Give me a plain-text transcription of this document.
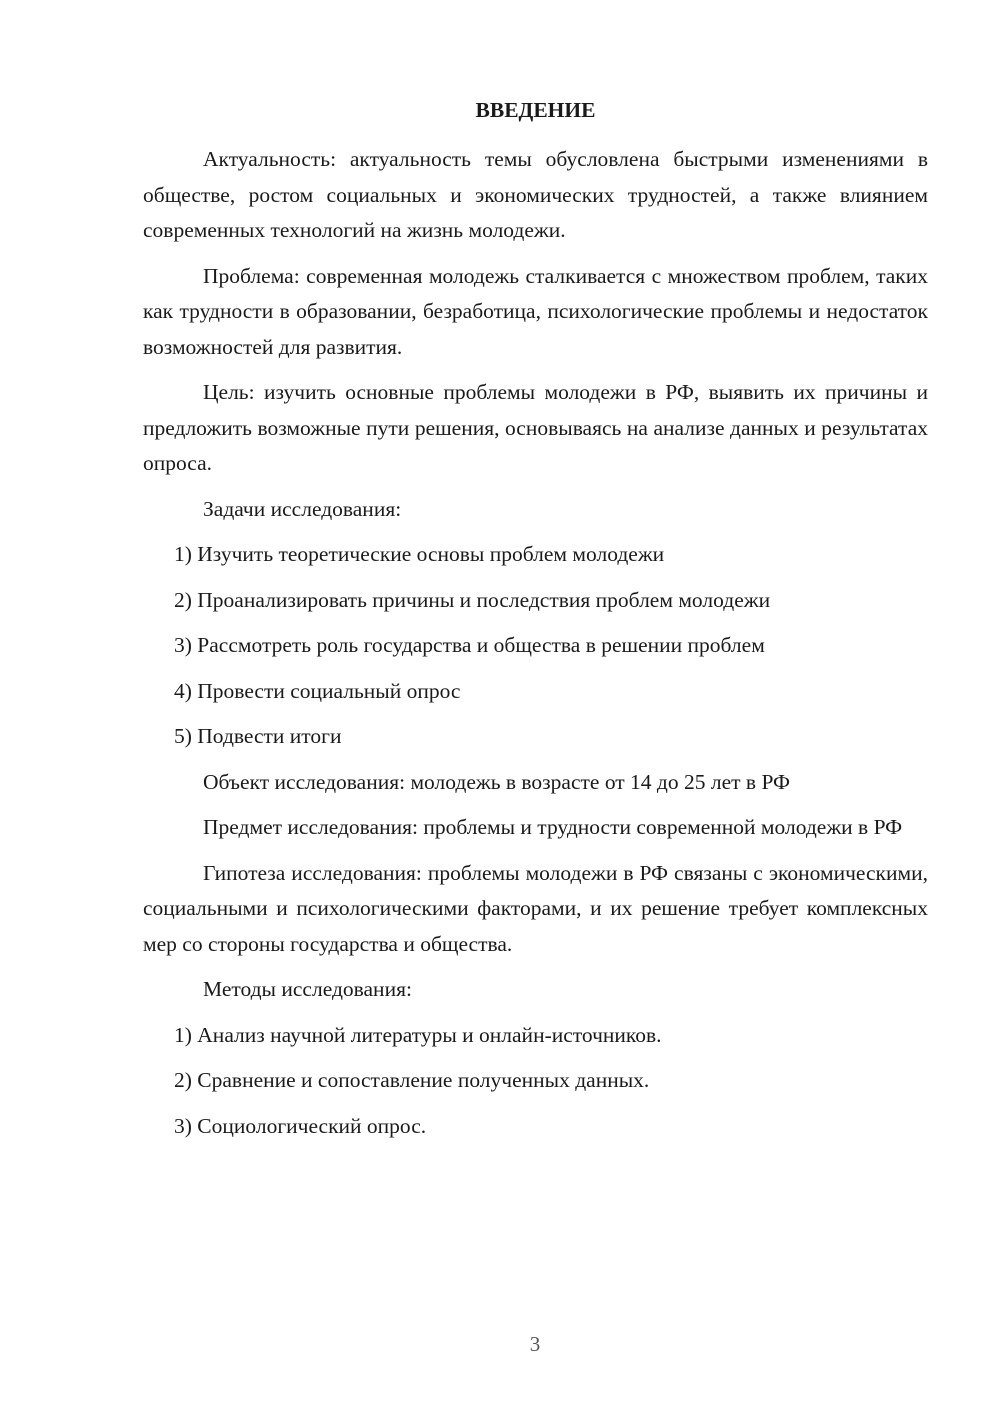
ВВЕДЕНИЕ

Актуальность: актуальность темы обусловлена быстрыми изменениями в обществе, ростом социальных и экономических трудностей, а также влиянием современных технологий на жизнь молодежи.

Проблема: современная молодежь сталкивается с множеством проблем, таких как трудности в образовании, безработица, психологические проблемы и недостаток возможностей для развития.

Цель: изучить основные проблемы молодежи в РФ, выявить их причины и предложить возможные пути решения, основываясь на анализе данных и результатах опроса.

Задачи исследования:

1) Изучить теоретические основы проблем молодежи
2) Проанализировать причины и последствия проблем молодежи
3) Рассмотреть роль государства и общества в решении проблем
4) Провести социальный опрос
5) Подвести итоги

Объект исследования: молодежь в возрасте от 14 до 25 лет в РФ

Предмет исследования: проблемы и трудности современной молодежи в РФ

Гипотеза исследования: проблемы молодежи в РФ связаны с экономическими, социальными и психологическими факторами, и их решение требует комплексных мер со стороны государства и общества.

Методы исследования:

1) Анализ научной литературы и онлайн-источников.
2) Сравнение и сопоставление полученных данных.
3) Социологический опрос.
3
